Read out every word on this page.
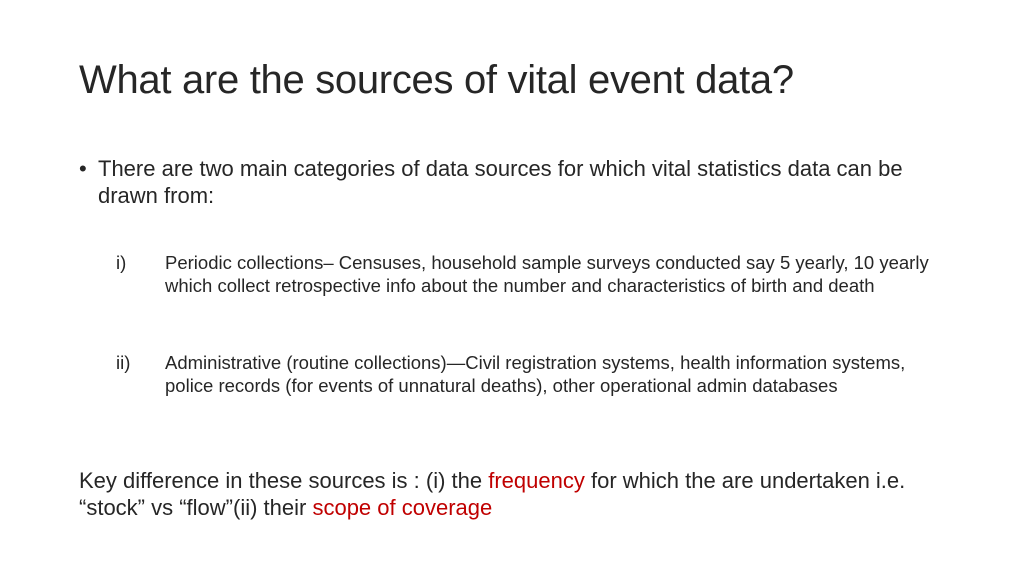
What are the sources of vital event data?
• There are two main categories of data sources for which vital statistics data can be drawn from:
i) Periodic collections– Censuses, household sample surveys conducted say 5 yearly, 10 yearly which collect retrospective info about the number and characteristics of birth and death
ii) Administrative (routine collections)—Civil registration systems, health information systems, police records (for events of unnatural deaths), other operational admin databases
Key difference in these sources is : (i) the frequency for which the are undertaken i.e. “stock” vs “flow”(ii) their scope of coverage
